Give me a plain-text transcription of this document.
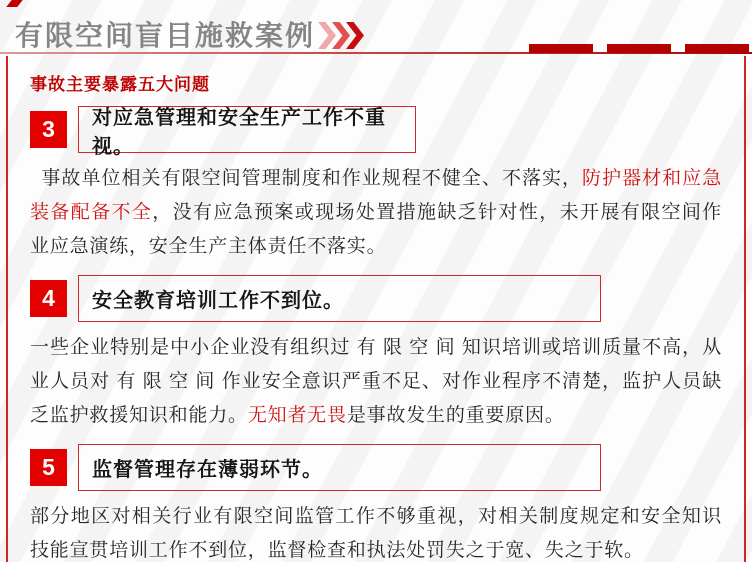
有限空间盲目施救案例
事故主要暴露五大问题
3	对应急管理和安全生产工作不重视。

事故单位相关有限空间管理制度和作业规程不健全、不落实，防护器材和应急装备配备不全，没有应急预案或现场处置措施缺乏针对性，未开展有限空间作业应急演练，安全生产主体责任不落实。

4	安全教育培训工作不到位。

一些企业特别是中小企业没有组织过 有 限 空 间 知识培训或培训质量不高，从业人员对 有 限 空 间 作业安全意识严重不足、对作业程序不清楚，监护人员缺乏监护救援知识和能力。无知者无畏是事故发生的重要原因。

5	监督管理存在薄弱环节。

部分地区对相关行业有限空间监管工作不够重视，对相关制度规定和安全知识技能宣贯培训工作不到位，监督检查和执法处罚失之于宽、失之于软。
